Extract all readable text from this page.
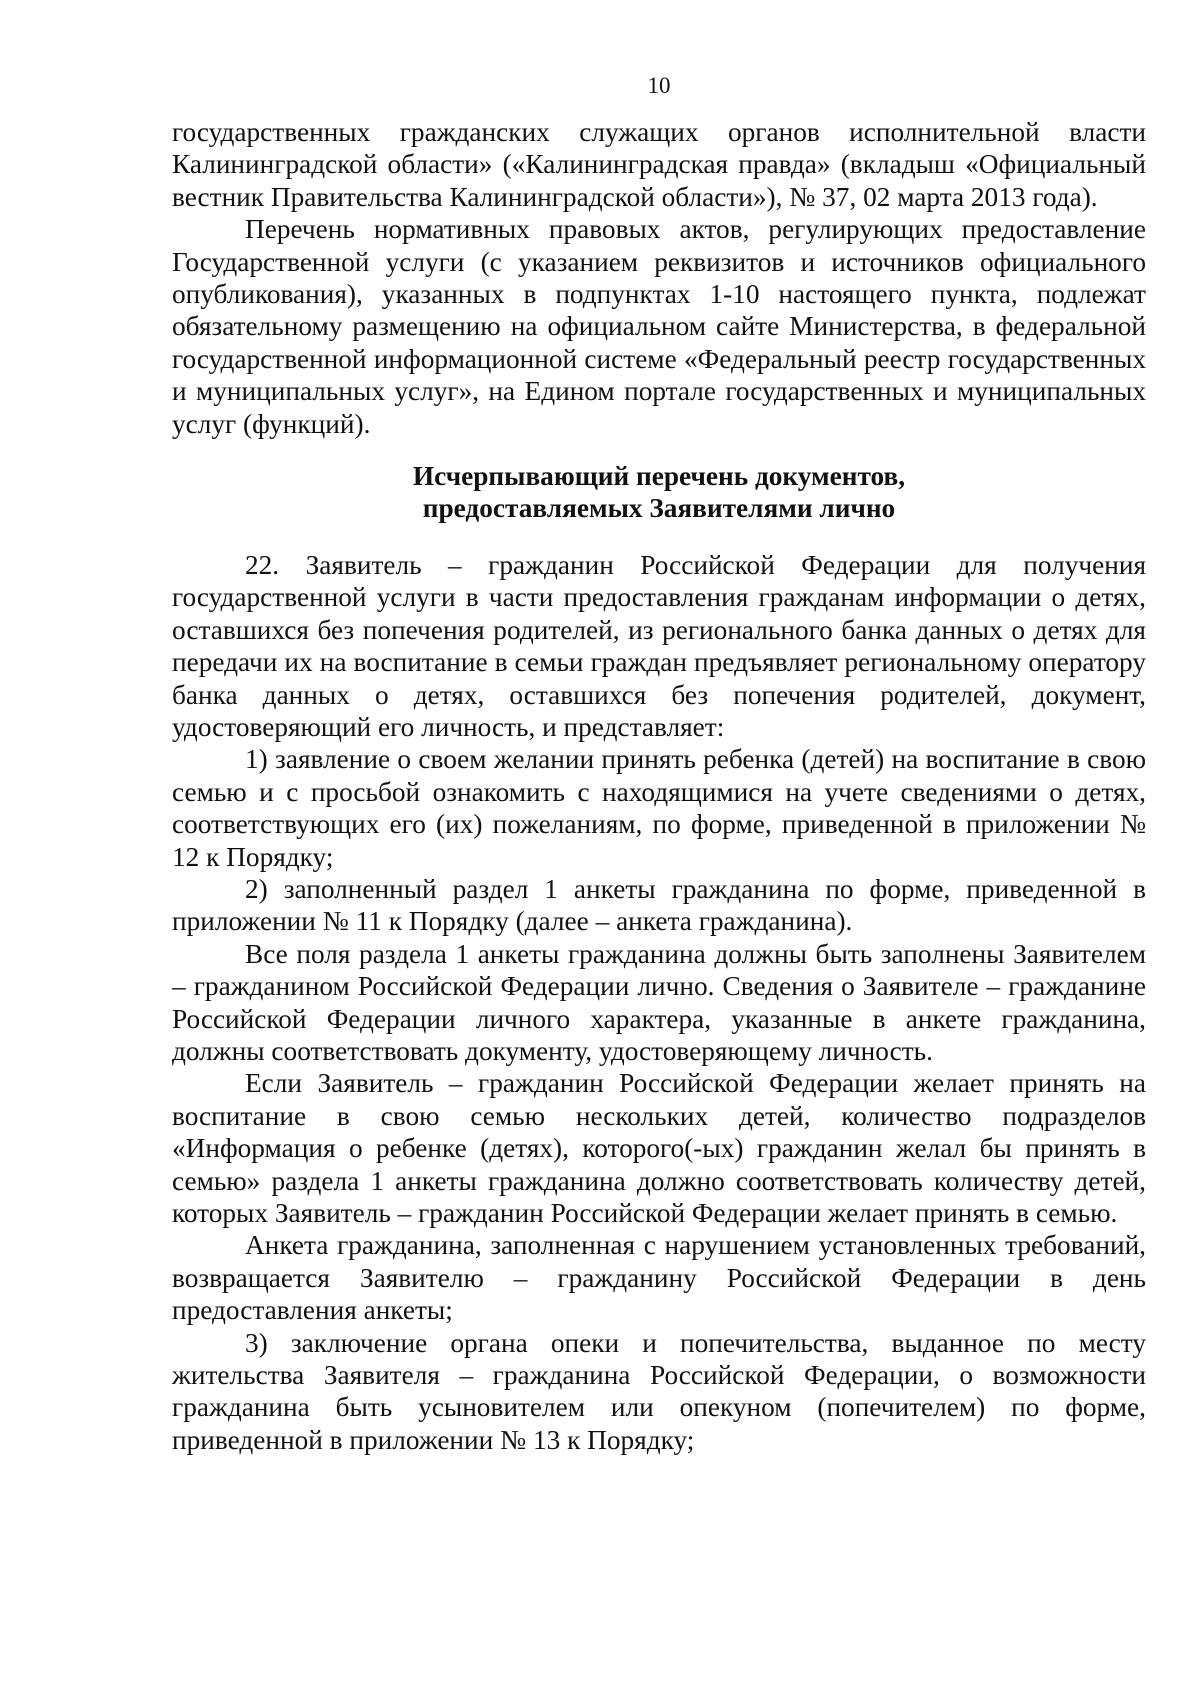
10

государственных гражданских служащих органов исполнительной власти Калининградской области» («Калининградская правда» (вкладыш «Официальный вестник Правительства Калининградской области»), № 37, 02 марта 2013 года).

Перечень нормативных правовых актов, регулирующих предоставление Государственной услуги (с указанием реквизитов и источников официального опубликования), указанных в подпунктах 1-10 настоящего пункта, подлежат обязательному размещению на официальном сайте Министерства, в федеральной государственной информационной системе «Федеральный реестр государственных и муниципальных услуг», на Едином портале государственных и муниципальных услуг (функций).

Исчерпывающий перечень документов,
предоставляемых Заявителями лично

22. Заявитель – гражданин Российской Федерации для получения государственной услуги в части предоставления гражданам информации о детях, оставшихся без попечения родителей, из регионального банка данных о детях для передачи их на воспитание в семьи граждан предъявляет региональному оператору банка данных о детях, оставшихся без попечения родителей, документ, удостоверяющий его личность, и представляет:

1) заявление о своем желании принять ребенка (детей) на воспитание в свою семью и с просьбой ознакомить с находящимися на учете сведениями о детях, соответствующих его (их) пожеланиям, по форме, приведенной в приложении № 12 к Порядку;

2) заполненный раздел 1 анкеты гражданина по форме, приведенной в приложении № 11 к Порядку (далее – анкета гражданина).

Все поля раздела 1 анкеты гражданина должны быть заполнены Заявителем – гражданином Российской Федерации лично. Сведения о Заявителе – гражданине Российской Федерации личного характера, указанные в анкете гражданина, должны соответствовать документу, удостоверяющему личность.

Если Заявитель – гражданин Российской Федерации желает принять на воспитание в свою семью нескольких детей, количество подразделов «Информация о ребенке (детях), которого(-ых) гражданин желал бы принять в семью» раздела 1 анкеты гражданина должно соответствовать количеству детей, которых Заявитель – гражданин Российской Федерации желает принять в семью.

Анкета гражданина, заполненная с нарушением установленных требований, возвращается Заявителю – гражданину Российской Федерации в день предоставления анкеты;

3) заключение органа опеки и попечительства, выданное по месту жительства Заявителя – гражданина Российской Федерации, о возможности гражданина быть усыновителем или опекуном (попечителем) по форме, приведенной в приложении № 13 к Порядку;
